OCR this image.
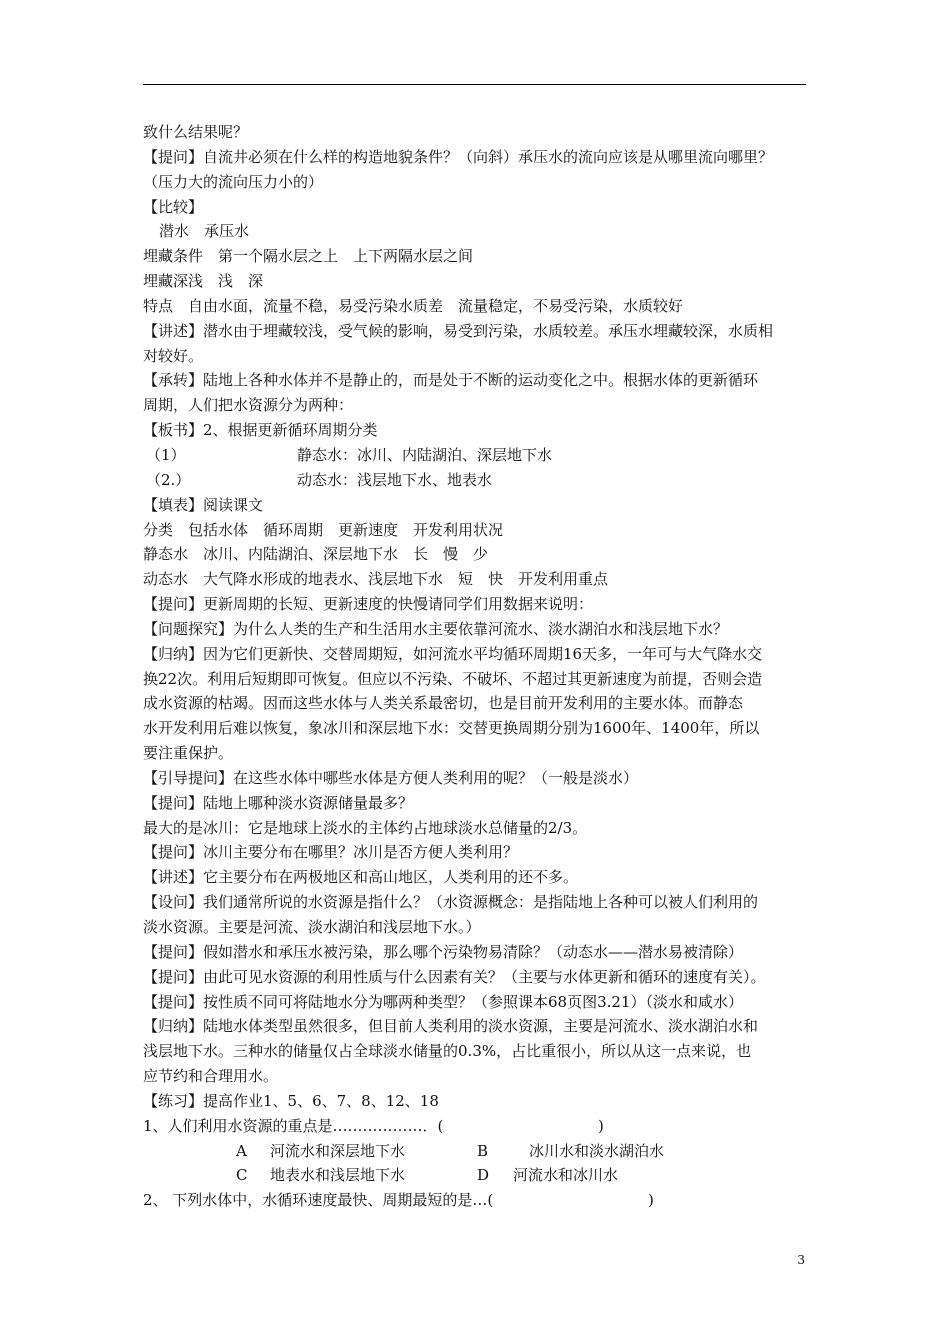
致什么结果呢？
【提问】自流井必须在什么样的构造地貌条件？（向斜）承压水的流向应该是从哪里流向哪里？
（压力大的流向压力小的）
【比较】
潜水　承压水
埋藏条件　第一个隔水层之上　上下两隔水层之间
埋藏深浅　浅　深
特点　自由水面，流量不稳，易受污染水质差　流量稳定，不易受污染，水质较好
【讲述】潜水由于埋藏较浅，受气候的影响，易受到污染，水质较差。承压水埋藏较深，水质相
对较好。
【承转】陆地上各种水体并不是静止的，而是处于不断的运动变化之中。根据水体的更新循环
周期，人们把水资源分为两种：
【板书】2、根据更新循环周期分类
（1）	静态水：冰川、内陆湖泊、深层地下水
（2.）	动态水：浅层地下水、地表水
【填表】阅读课文
分类　包括水体　循环周期　更新速度　开发利用状况
静态水　冰川、内陆湖泊、深层地下水　长　慢　少
动态水　大气降水形成的地表水、浅层地下水　短　快　开发利用重点
【提问】更新周期的长短、更新速度的快慢请同学们用数据来说明：
【问题探究】为什么人类的生产和生活用水主要依靠河流水、淡水湖泊水和浅层地下水？
【归纳】因为它们更新快、交替周期短，如河流水平均循环周期16天多，一年可与大气降水交
换22次。利用后短期即可恢复。但应以不污染、不破坏、不超过其更新速度为前提，否则会造
成水资源的枯竭。因而这些水体与人类关系最密切，也是目前开发利用的主要水体。而静态
水开发利用后难以恢复，象冰川和深层地下水：交替更换周期分别为1600年、1400年，所以
要注重保护。
【引导提问】在这些水体中哪些水体是方便人类利用的呢？（一般是淡水）
【提问】陆地上哪种淡水资源储量最多？
最大的是冰川：它是地球上淡水的主体约占地球淡水总储量的2/3。
【提问】冰川主要分布在哪里？冰川是否方便人类利用？
【讲述】它主要分布在两极地区和高山地区，人类利用的还不多。
【设问】我们通常所说的水资源是指什么？（水资源概念：是指陆地上各种可以被人们利用的
淡水资源。主要是河流、淡水湖泊和浅层地下水。）
【提问】假如潜水和承压水被污染，那么哪个污染物易清除？（动态水——潜水易被清除）
【提问】由此可见水资源的利用性质与什么因素有关？（主要与水体更新和循环的速度有关）。
【提问】按性质不同可将陆地水分为哪两种类型？（参照课本68页图3.21）（淡水和咸水）
【归纳】陆地水体类型虽然很多，但目前人类利用的淡水资源，主要是河流水、淡水湖泊水和
浅层地下水。三种水的储量仅占全球淡水储量的0.3%，占比重很小，所以从这一点来说，也
应节约和合理用水。
【练习】提高作业1、5、6、7、8、12、18
1、人们利用水资源的重点是………………．(	)
A 河流水和深层地下水	B	冰川水和淡水湖泊水
C 地表水和浅层地下水	D 河流水和冰川水
2、 下列水体中，水循环速度最快、周期最短的是…(	)
3
